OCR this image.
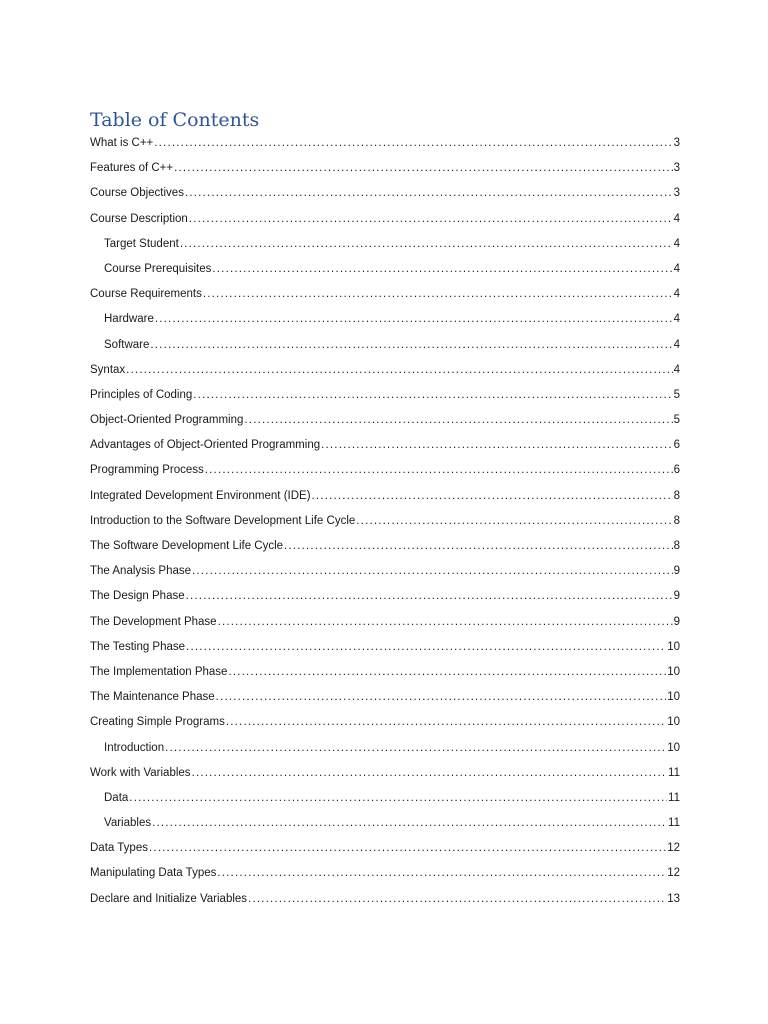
Table of Contents
What is C++ .....	3
Features of C++ .....	3
Course Objectives .....	3
Course Description .....	4
Target Student .....	4
Course Prerequisites .....	4
Course Requirements .....	4
Hardware .....	4
Software .....	4
Syntax .....	4
Principles of Coding .....	5
Object-Oriented Programming .....	5
Advantages of Object-Oriented Programming .....	6
Programming Process .....	6
Integrated Development Environment (IDE) .....	8
Introduction to the Software Development Life Cycle .....	8
The Software Development Life Cycle .....	8
The Analysis Phase .....	9
The Design Phase .....	9
The Development Phase .....	9
The Testing Phase .....	10
The Implementation Phase .....	10
The Maintenance Phase .....	10
Creating Simple Programs .....	10
Introduction .....	10
Work with Variables .....	11
Data .....	11
Variables .....	11
Data Types .....	12
Manipulating Data Types .....	12
Declare and Initialize Variables .....	13
